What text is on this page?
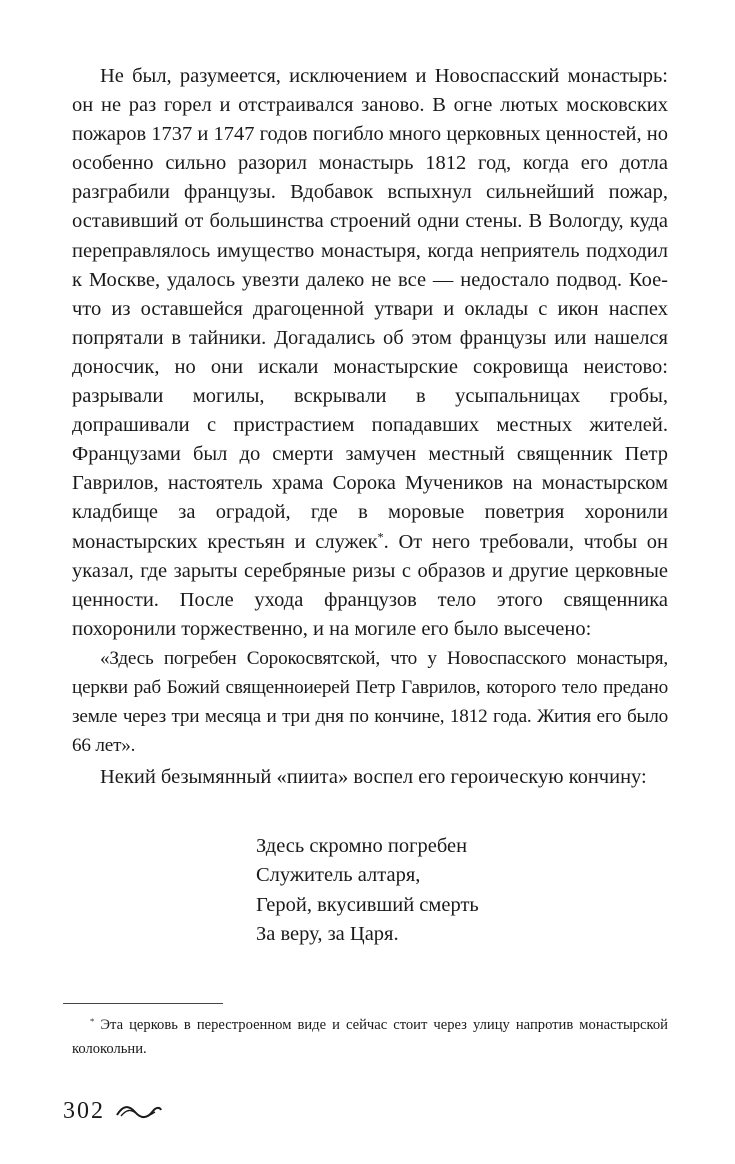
Не был, разумеется, исключением и Новоспасский монастырь: он не раз горел и отстраивался заново. В огне лютых московских пожаров 1737 и 1747 годов погибло много церковных ценностей, но особенно сильно разорил монастырь 1812 год, когда его дотла разграбили французы. Вдобавок вспыхнул сильнейший пожар, оставивший от большинства строений одни стены. В Вологду, куда переправлялось имущество монастыря, когда неприятель подходил к Москве, удалось увезти далеко не все — недостало подвод. Кое-что из оставшейся драгоценной утвари и оклады с икон наспех попрятали в тайники. Догадались об этом французы или нашелся доносчик, но они искали монастырские сокровища неистово: разрывали могилы, вскрывали в усыпальницах гробы, допрашивали с пристрастием попадавших местных жителей. Французами был до смерти замучен местный священник Петр Гаврилов, настоятель храма Сорока Мучеников на монастырском кладбище за оградой, где в моровые поветрия хоронили монастырских крестьян и служек*. От него требовали, чтобы он указал, где зарыты серебряные ризы с образов и другие церковные ценности. После ухода французов тело этого священника похоронили торжественно, и на могиле его было высечено:

«Здесь погребен Сорокосвятской, что у Новоспасского монастыря, церкви раб Божий священноиерей Петр Гаврилов, которого тело предано земле через три месяца и три дня по кончине, 1812 года. Жития его было 66 лет».

Некий безымянный «пиита» воспел его героическую кончину:

Здесь скромно погребен
Служитель алтаря,
Герой, вкусивший смерть
За веру, за Царя.
* Эта церковь в перестроенном виде и сейчас стоит через улицу напротив монастырской колокольни.
302
